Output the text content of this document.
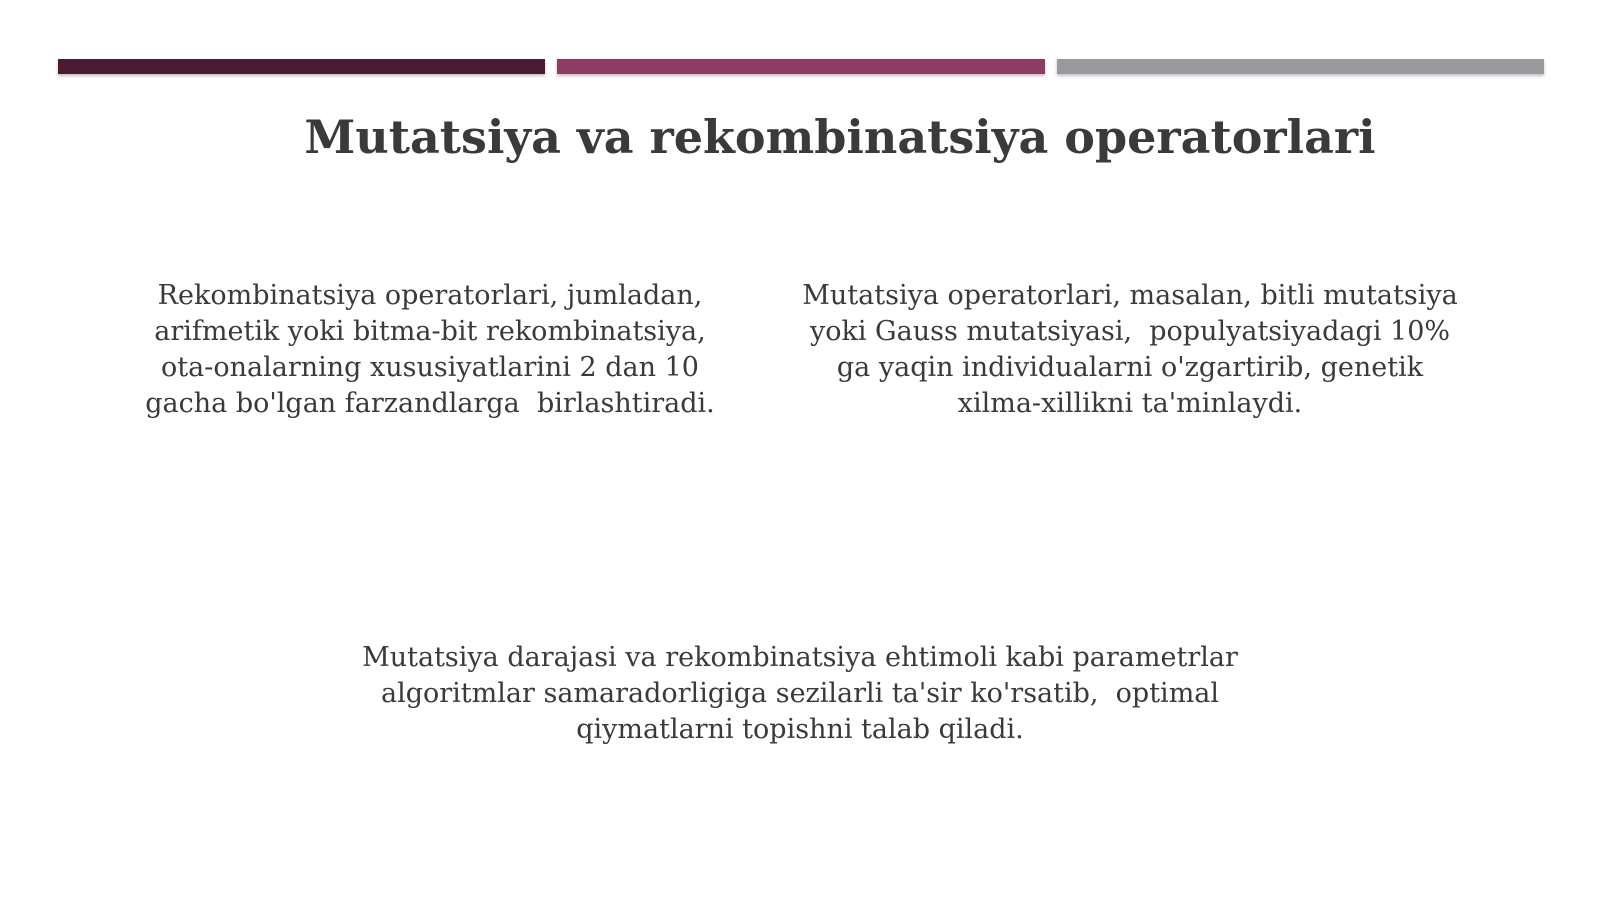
Mutatsiya va rekombinatsiya operatorlari

Rekombinatsiya operatorlari, jumladan,
arifmetik yoki bitma-bit rekombinatsiya,
ota-onalarning xususiyatlarini 2 dan 10
gacha bo'lgan farzandlarga  birlashtiradi.

Mutatsiya operatorlari, masalan, bitli mutatsiya
yoki Gauss mutatsiyasi,  populyatsiyadagi 10%
ga yaqin individualarni o'zgartirib, genetik
xilma-xillikni ta'minlaydi.

Mutatsiya darajasi va rekombinatsiya ehtimoli kabi parametrlar
algoritmlar samaradorligiga sezilarli ta'sir ko'rsatib,  optimal
qiymatlarni topishni talab qiladi.
